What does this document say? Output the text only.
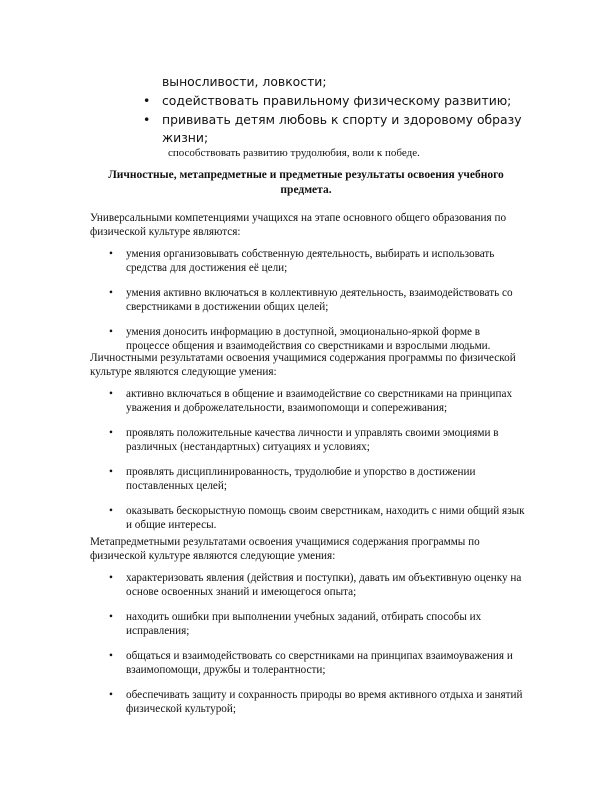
выносливости, ловкости;
• содействовать правильному физическому развитию;
• прививать детям любовь к спорту и здоровому образу
жизни;
способствовать развитию трудолюбия, воли к победе.
Личностные, метапредметные и предметные результаты освоения учебного предмета.
Универсальными компетенциями учащихся на этапе основного общего образования по физической культуре являются:
• умения организовывать собственную деятельность, выбирать и использовать средства для достижения её цели;
• умения активно включаться в коллективную деятельность, взаимодействовать со сверстниками в достижении общих целей;
• умения доносить информацию в доступной, эмоционально-яркой форме в процессе общения и взаимодействия со сверстниками и взрослыми людьми.
Личностными результатами освоения учащимися содержания программы по физической культуре являются следующие умения:
• активно включаться в общение и взаимодействие со сверстниками на принципах уважения и доброжелательности, взаимопомощи и сопереживания;
• проявлять положительные качества личности и управлять своими эмоциями в различных (нестандартных) ситуациях и условиях;
• проявлять дисциплинированность, трудолюбие и упорство в достижении поставленных целей;
• оказывать бескорыстную помощь своим сверстникам, находить с ними общий язык и общие интересы.
Метапредметными результатами освоения учащимися содержания программы по физической культуре являются следующие умения:
• характеризовать явления (действия и поступки), давать им объективную оценку на основе освоенных знаний и имеющегося опыта;
• находить ошибки при выполнении учебных заданий, отбирать способы их исправления;
• общаться и взаимодействовать со сверстниками на принципах взаимоуважения и взаимопомощи, дружбы и толерантности;
• обеспечивать защиту и сохранность природы во время активного отдыха и занятий физической культурой;
